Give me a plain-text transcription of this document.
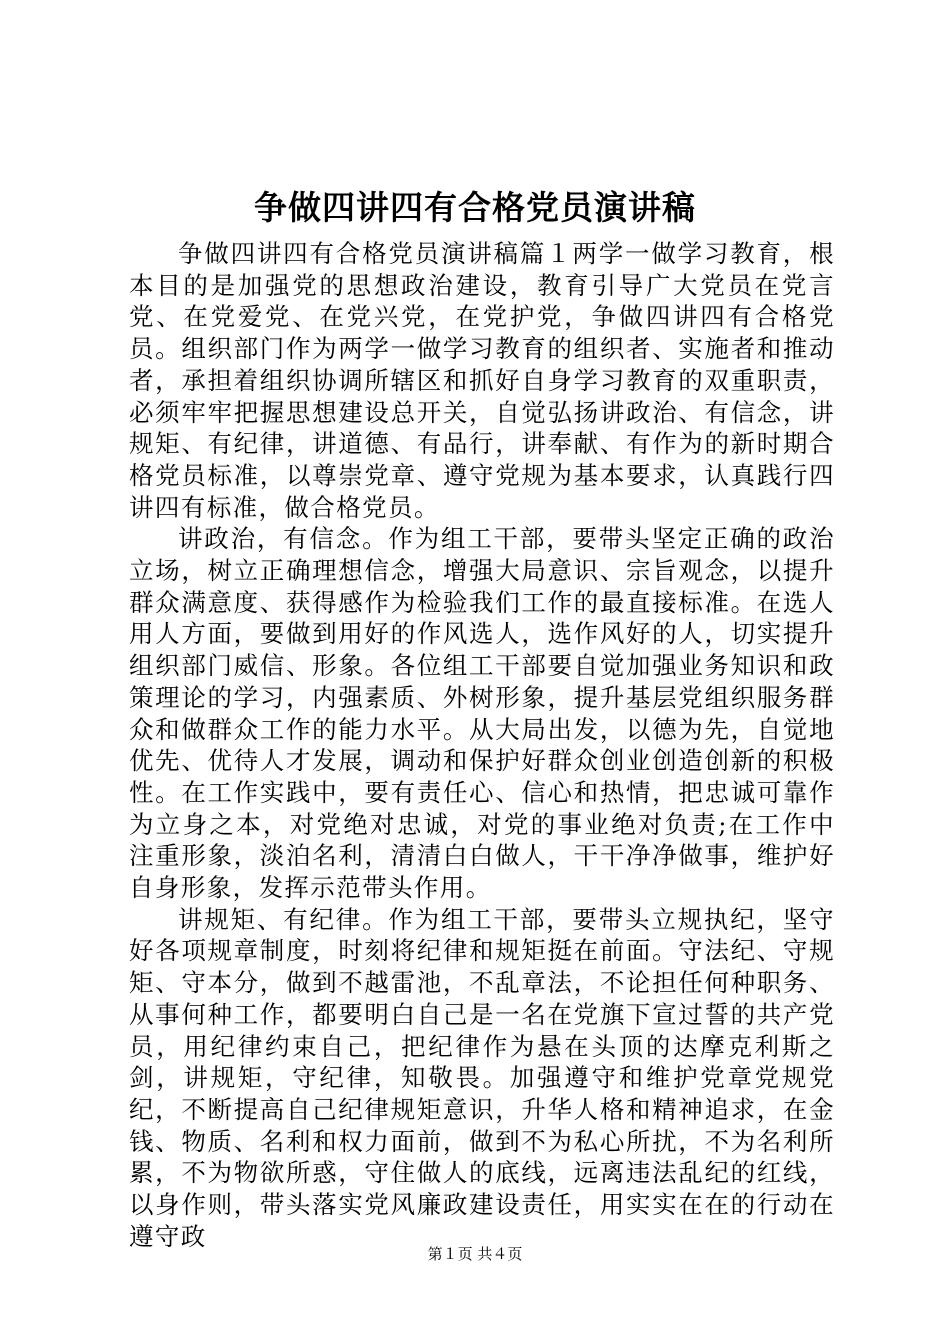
争做四讲四有合格党员演讲稿

争做四讲四有合格党员演讲稿篇１两学一做学习教育，根本目的是加强党的思想政治建设，教育引导广大党员在党言党、在党爱党、在党兴党，在党护党，争做四讲四有合格党员。组织部门作为两学一做学习教育的组织者、实施者和推动者，承担着组织协调所辖区和抓好自身学习教育的双重职责，必须牢牢把握思想建设总开关，自觉弘扬讲政治、有信念，讲规矩、有纪律，讲道德、有品行，讲奉献、有作为的新时期合格党员标准，以尊崇党章、遵守党规为基本要求，认真践行四讲四有标准，做合格党员。

讲政治，有信念。作为组工干部，要带头坚定正确的政治立场，树立正确理想信念，增强大局意识、宗旨观念，以提升群众满意度、获得感作为检验我们工作的最直接标准。在选人用人方面，要做到用好的作风选人，选作风好的人，切实提升组织部门威信、形象。各位组工干部要自觉加强业务知识和政策理论的学习，内强素质、外树形象，提升基层党组织服务群众和做群众工作的能力水平。从大局出发，以德为先，自觉地优先、优待人才发展，调动和保护好群众创业创造创新的积极性。在工作实践中，要有责任心、信心和热情，把忠诚可靠作为立身之本，对党绝对忠诚，对党的事业绝对负责;在工作中注重形象，淡泊名利，清清白白做人，干干净净做事，维护好自身形象，发挥示范带头作用。

讲规矩、有纪律。作为组工干部，要带头立规执纪，坚守好各项规章制度，时刻将纪律和规矩挺在前面。守法纪、守规矩、守本分，做到不越雷池，不乱章法，不论担任何种职务、从事何种工作，都要明白自己是一名在党旗下宣过誓的共产党员，用纪律约束自己，把纪律作为悬在头顶的达摩克利斯之剑，讲规矩，守纪律，知敬畏。加强遵守和维护党章党规党纪，不断提高自己纪律规矩意识，升华人格和精神追求，在金钱、物质、名利和权力面前，做到不为私心所扰，不为名利所累，不为物欲所惑，守住做人的底线，远离违法乱纪的红线，以身作则，带头落实党风廉政建设责任，用实实在在的行动在遵守政

第１页 共４页
